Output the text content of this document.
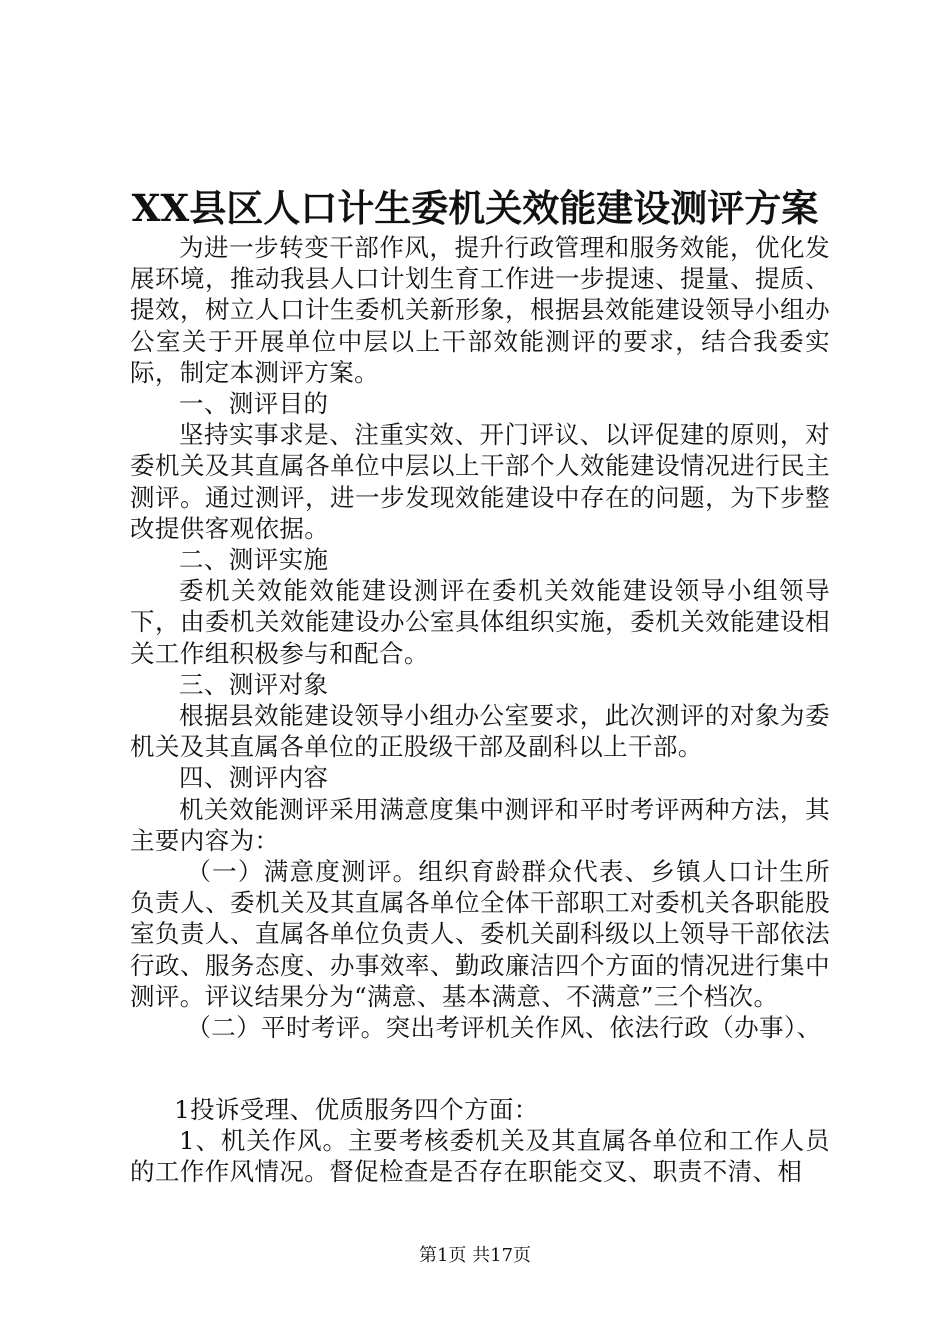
XX县区人口计生委机关效能建设测评方案

为进一步转变干部作风，提升行政管理和服务效能，优化发展环境，推动我县人口计划生育工作进一步提速、提量、提质、提效，树立人口计生委机关新形象，根据县效能建设领导小组办公室关于开展单位中层以上干部效能测评的要求，结合我委实际，制定本测评方案。

一、测评目的

坚持实事求是、注重实效、开门评议、以评促建的原则，对委机关及其直属各单位中层以上干部个人效能建设情况进行民主测评。通过测评，进一步发现效能建设中存在的问题，为下步整改提供客观依据。

二、测评实施

委机关效能效能建设测评在委机关效能建设领导小组领导下，由委机关效能建设办公室具体组织实施，委机关效能建设相关工作组积极参与和配合。

三、测评对象

根据县效能建设领导小组办公室要求，此次测评的对象为委机关及其直属各单位的正股级干部及副科以上干部。

四、测评内容

机关效能测评采用满意度集中测评和平时考评两种方法，其主要内容为：

（一）满意度测评。组织育龄群众代表、乡镇人口计生所负责人、委机关及其直属各单位全体干部职工对委机关各职能股室负责人、直属各单位负责人、委机关副科级以上领导干部依法行政、服务态度、办事效率、勤政廉洁四个方面的情况进行集中测评。评议结果分为“满意、基本满意、不满意”三个档次。

（二）平时考评。突出考评机关作风、依法行政（办事）、

1投诉受理、优质服务四个方面：

1、机关作风。主要考核委机关及其直属各单位和工作人员的工作作风情况。督促检查是否存在职能交叉、职责不清、相

第1页 共17页
